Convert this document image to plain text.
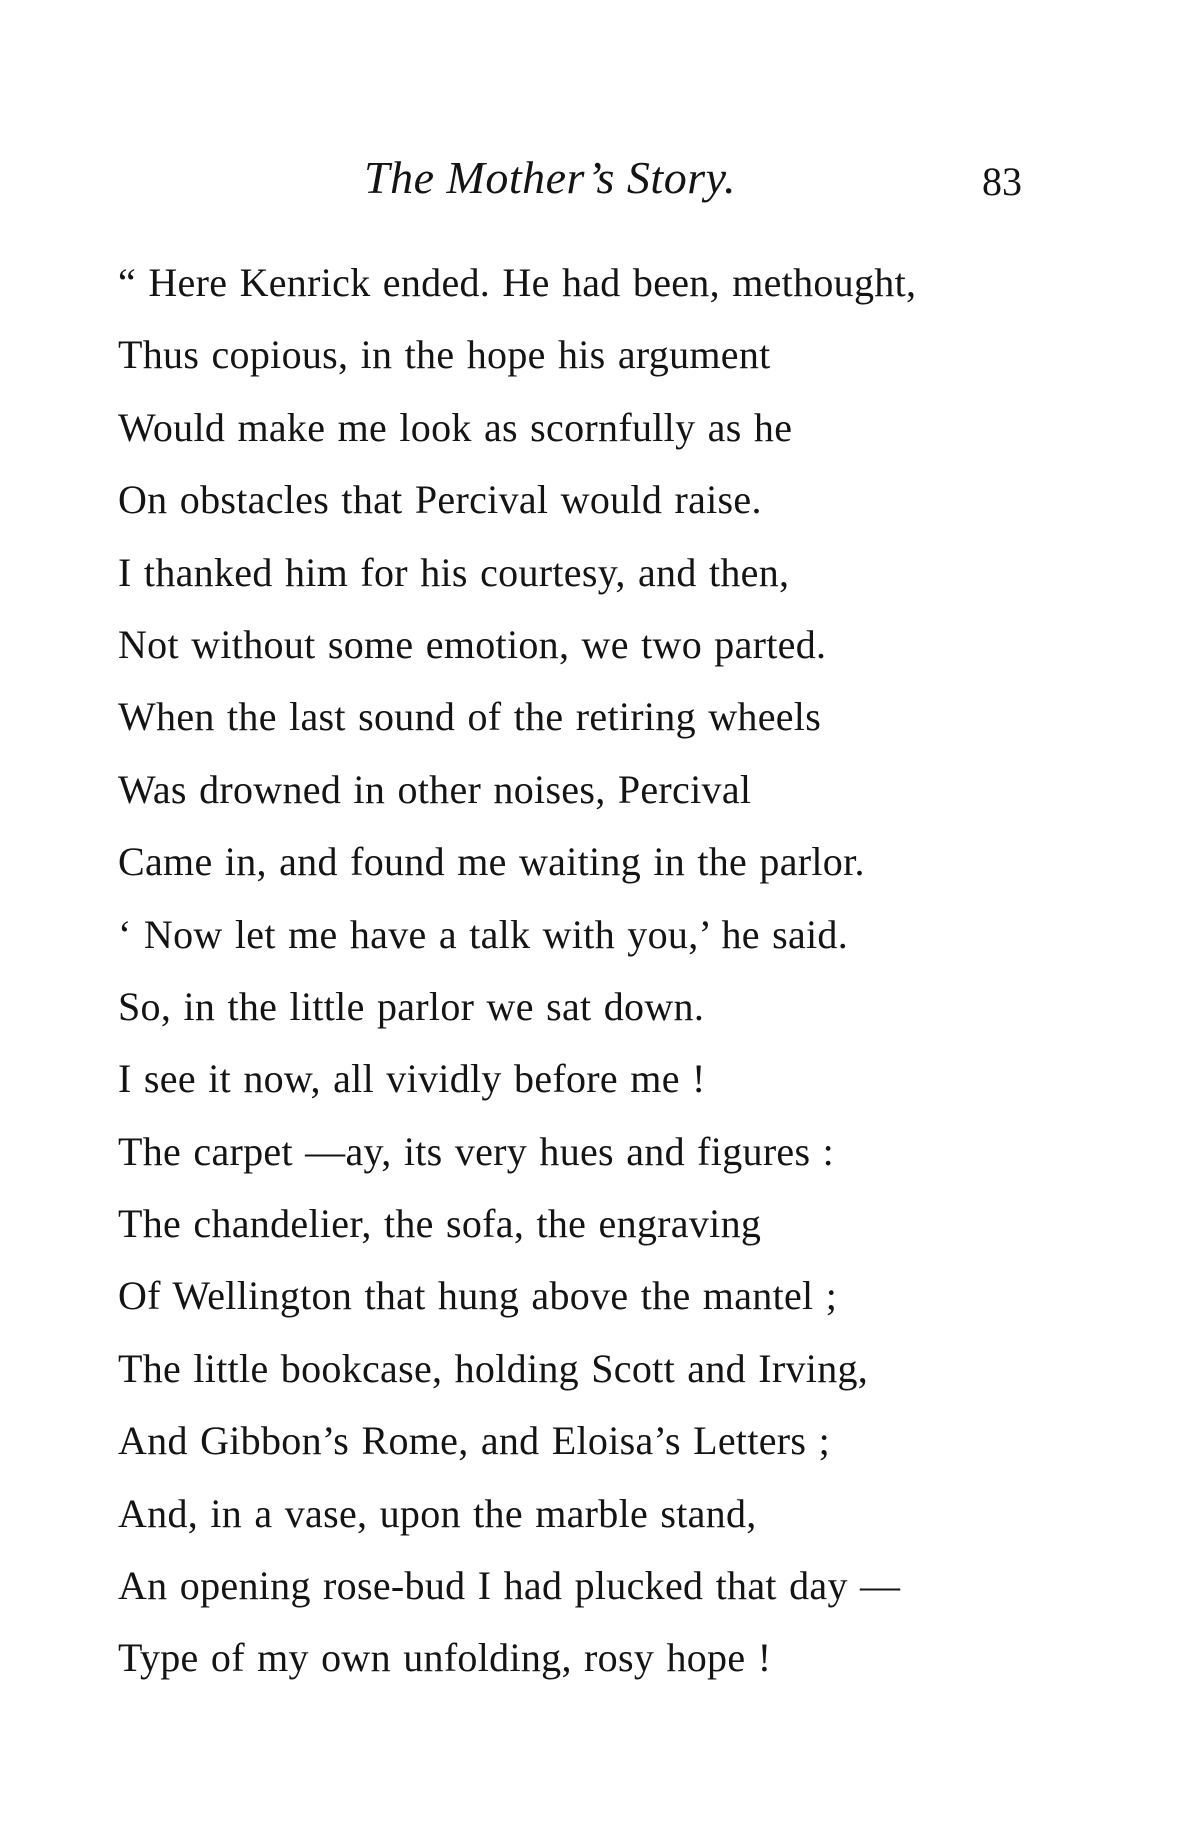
The Mother’s Story.	83
“ Here Kenrick ended. He had been, methought,
Thus copious, in the hope his argument
Would make me look as scornfully as he
On obstacles that Percival would raise.
I thanked him for his courtesy, and then,
Not without some emotion, we two parted.
When the last sound of the retiring wheels
Was drowned in other noises, Percival
Came in, and found me waiting in the parlor.
‘ Now let me have a talk with you,’ he said.
So, in the little parlor we sat down.
I see it now, all vividly before me !
The carpet —ay, its very hues and figures :
The chandelier, the sofa, the engraving
Of Wellington that hung above the mantel ;
The little bookcase, holding Scott and Irving,
And Gibbon’s Rome, and Eloisa’s Letters ;
And, in a vase, upon the marble stand,
An opening rose-bud I had plucked that day —
Type of my own unfolding, rosy hope !
